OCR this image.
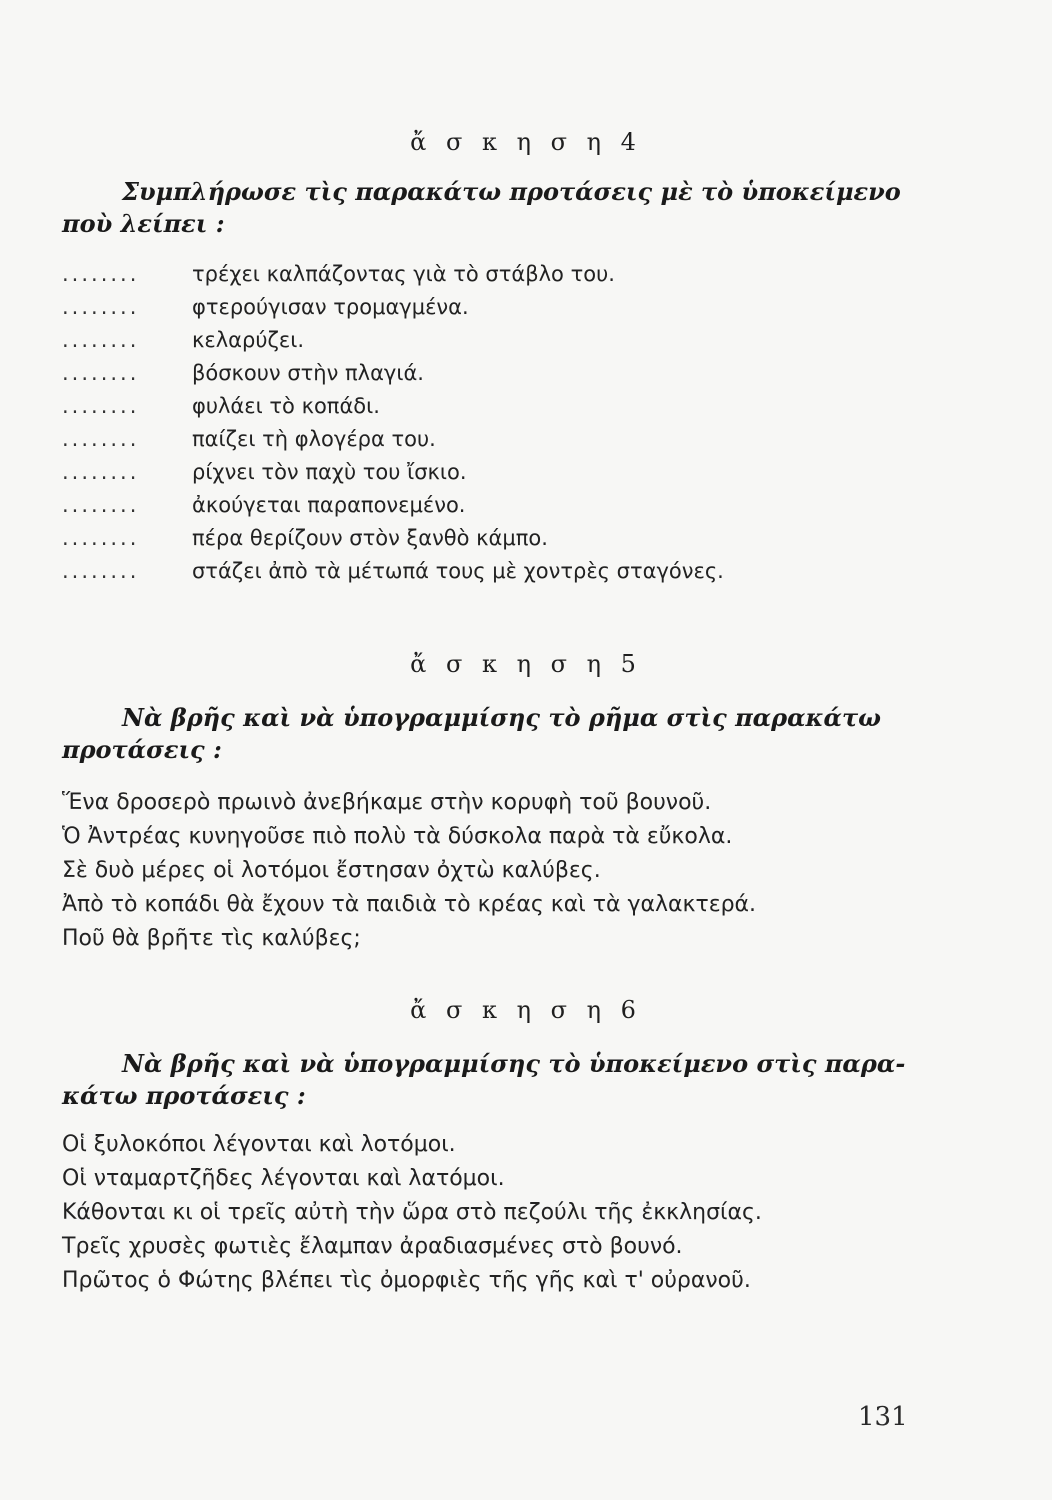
ἄ σ κ η σ η 4
Συμπλήρωσε τὶς παρακάτω προτάσεις μὲ τὸ ὑποκείμενο
ποὺ λείπει :
........	τρέχει καλπάζοντας γιὰ τὸ στάβλο του.
........	φτερούγισαν τρομαγμένα.
........	κελαρύζει.
........	βόσκουν στὴν πλαγιά.
........	φυλάει τὸ κοπάδι.
........	παίζει τὴ φλογέρα του.
........	ρίχνει τὸν παχὺ του ἴσκιο.
........	ἀκούγεται παραπονεμένο.
........	πέρα θερίζουν στὸν ξανθὸ κάμπο.
........	στάζει ἀπὸ τὰ μέτωπά τους μὲ χοντρὲς σταγόνες.
ἄ σ κ η σ η 5
Νὰ βρῆς καὶ νὰ ὑπογραμμίσης τὸ ρῆμα στὶς παρακάτω
προτάσεις :
Ἕνα δροσερὸ πρωινὸ ἀνεβήκαμε στὴν κορυφὴ τοῦ βουνοῦ.
Ὁ Ἀντρέας κυνηγοῦσε πιὸ πολὺ τὰ δύσκολα παρὰ τὰ εὔκολα.
Σὲ δυὸ μέρες οἱ λοτόμοι ἔστησαν ὀχτὼ καλύβες.
Ἀπὸ τὸ κοπάδι θὰ ἔχουν τὰ παιδιὰ τὸ κρέας καὶ τὰ γαλακτερά.
Ποῦ θὰ βρῆτε τὶς καλύβες;
ἄ σ κ η σ η 6
Νὰ βρῆς καὶ νὰ ὑπογραμμίσης τὸ ὑποκείμενο στὶς παρα-
κάτω προτάσεις :
Οἱ ξυλοκόποι λέγονται καὶ λοτόμοι.
Οἱ νταμαρτζῆδες λέγονται καὶ λατόμοι.
Κάθονται κι οἱ τρεῖς αὐτὴ τὴν ὥρα στὸ πεζούλι τῆς ἐκκλησίας.
Τρεῖς χρυσὲς φωτιὲς ἔλαμπαν ἀραδιασμένες στὸ βουνό.
Πρῶτος ὁ Φώτης βλέπει τὶς ὀμορφιὲς τῆς γῆς καὶ τ' οὐρανοῦ.
131
